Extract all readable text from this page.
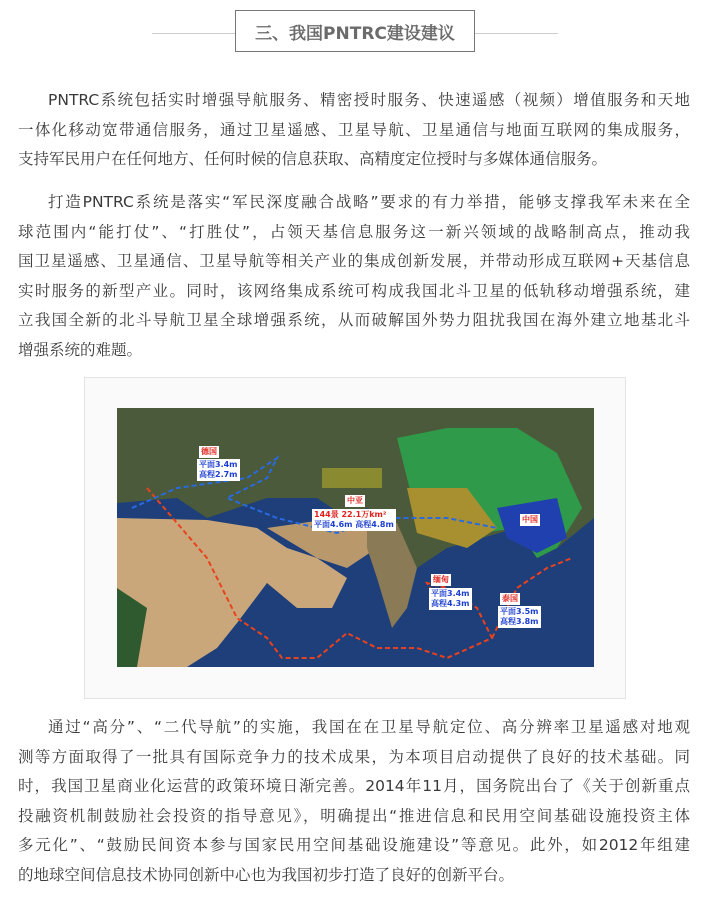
三、我国PNTRC建设建议
PNTRC系统包括实时增强导航服务、精密授时服务、快速遥感（视频）增值服务和天地
一体化移动宽带通信服务，通过卫星遥感、卫星导航、卫星通信与地面互联网的集成服务，
支持军民用户在任何地方、任何时候的信息获取、高精度定位授时与多媒体通信服务。
打造PNTRC系统是落实“军民深度融合战略”要求的有力举措，能够支撑我军未来在全
球范围内“能打仗”、“打胜仗”，占领天基信息服务这一新兴领域的战略制高点，推动我
国卫星遥感、卫星通信、卫星导航等相关产业的集成创新发展，并带动形成互联网+天基信息
实时服务的新型产业。同时，该网络集成系统可构成我国北斗卫星的低轨移动增强系统，建
立我国全新的北斗导航卫星全球增强系统，从而破解国外势力阻扰我国在海外建立地基北斗
增强系统的难题。
德国
平面3.4m
高程2.7m
中亚
144景 22.1万km²
平面4.6m 高程4.8m
中国
缅甸
平面3.4m
高程4.3m
泰国
平面3.5m
高程3.8m
通过“高分”、“二代导航”的实施，我国在在卫星导航定位、高分辨率卫星遥感对地观
测等方面取得了一批具有国际竞争力的技术成果，为本项目启动提供了良好的技术基础。同
时，我国卫星商业化运营的政策环境日渐完善。2014年11月，国务院出台了《关于创新重点
投融资机制鼓励社会投资的指导意见》，明确提出“推进信息和民用空间基础设施投资主体
多元化”、“鼓励民间资本参与国家民用空间基础设施建设”等意见。此外，如2012年组建
的地球空间信息技术协同创新中心也为我国初步打造了良好的创新平台。
